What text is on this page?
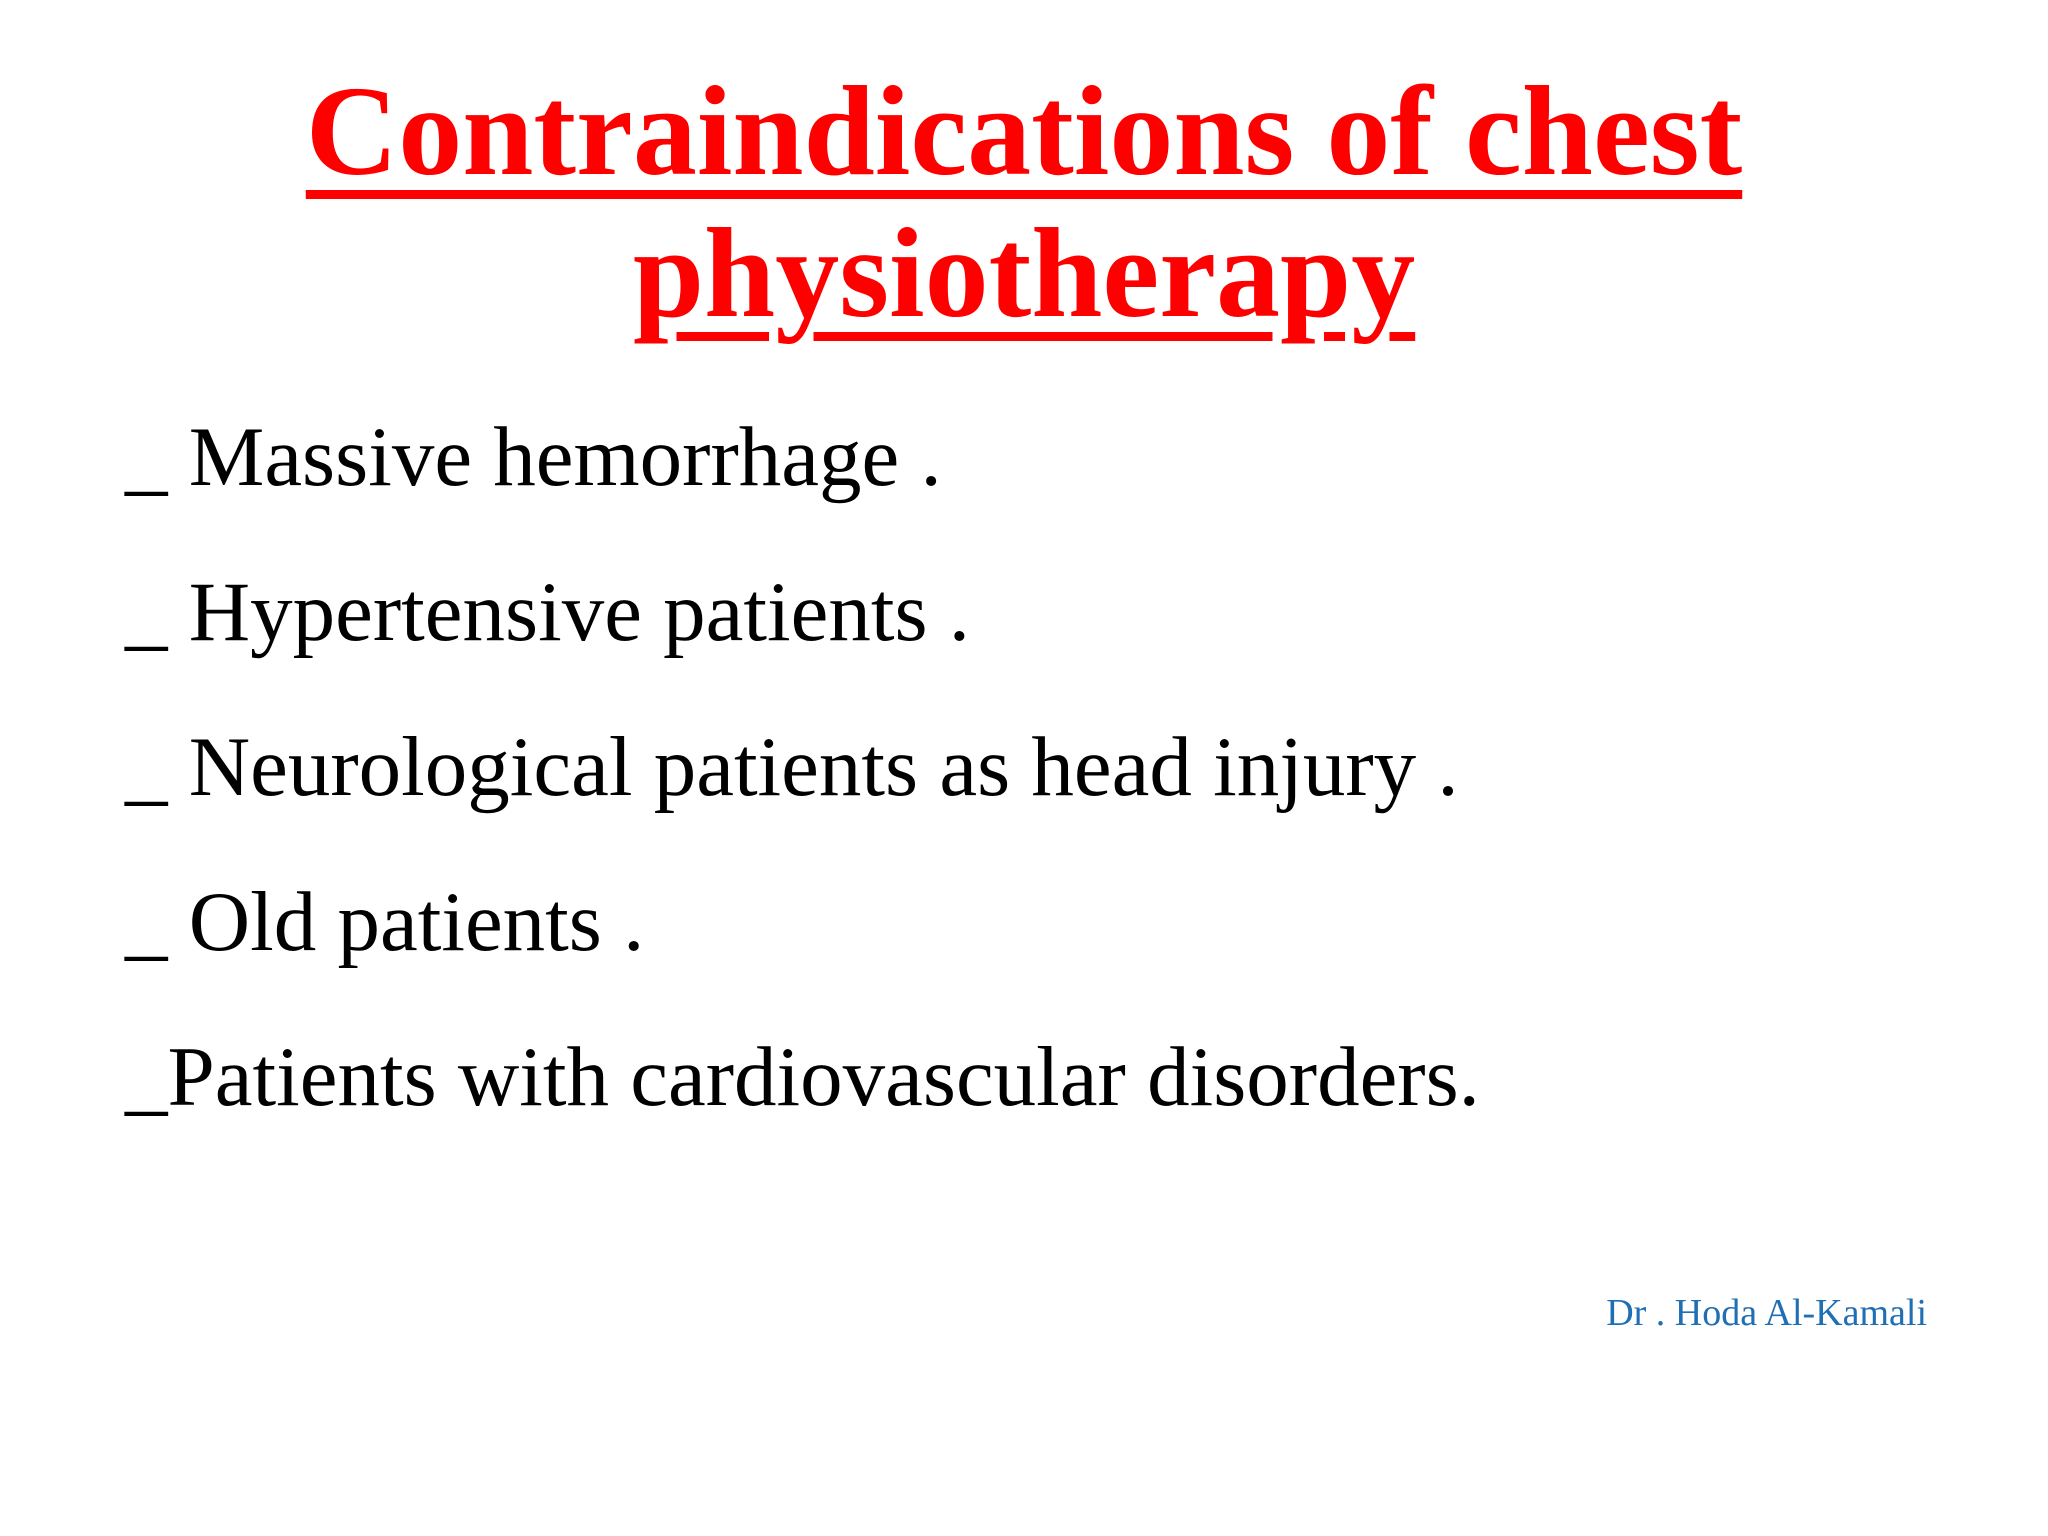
Contraindications of chest
physiotherapy
_ Massive hemorrhage .
_ Hypertensive patients .
_ Neurological patients as head injury .
_ Old patients .
_Patients with cardiovascular disorders.
Dr . Hoda Al-Kamali
